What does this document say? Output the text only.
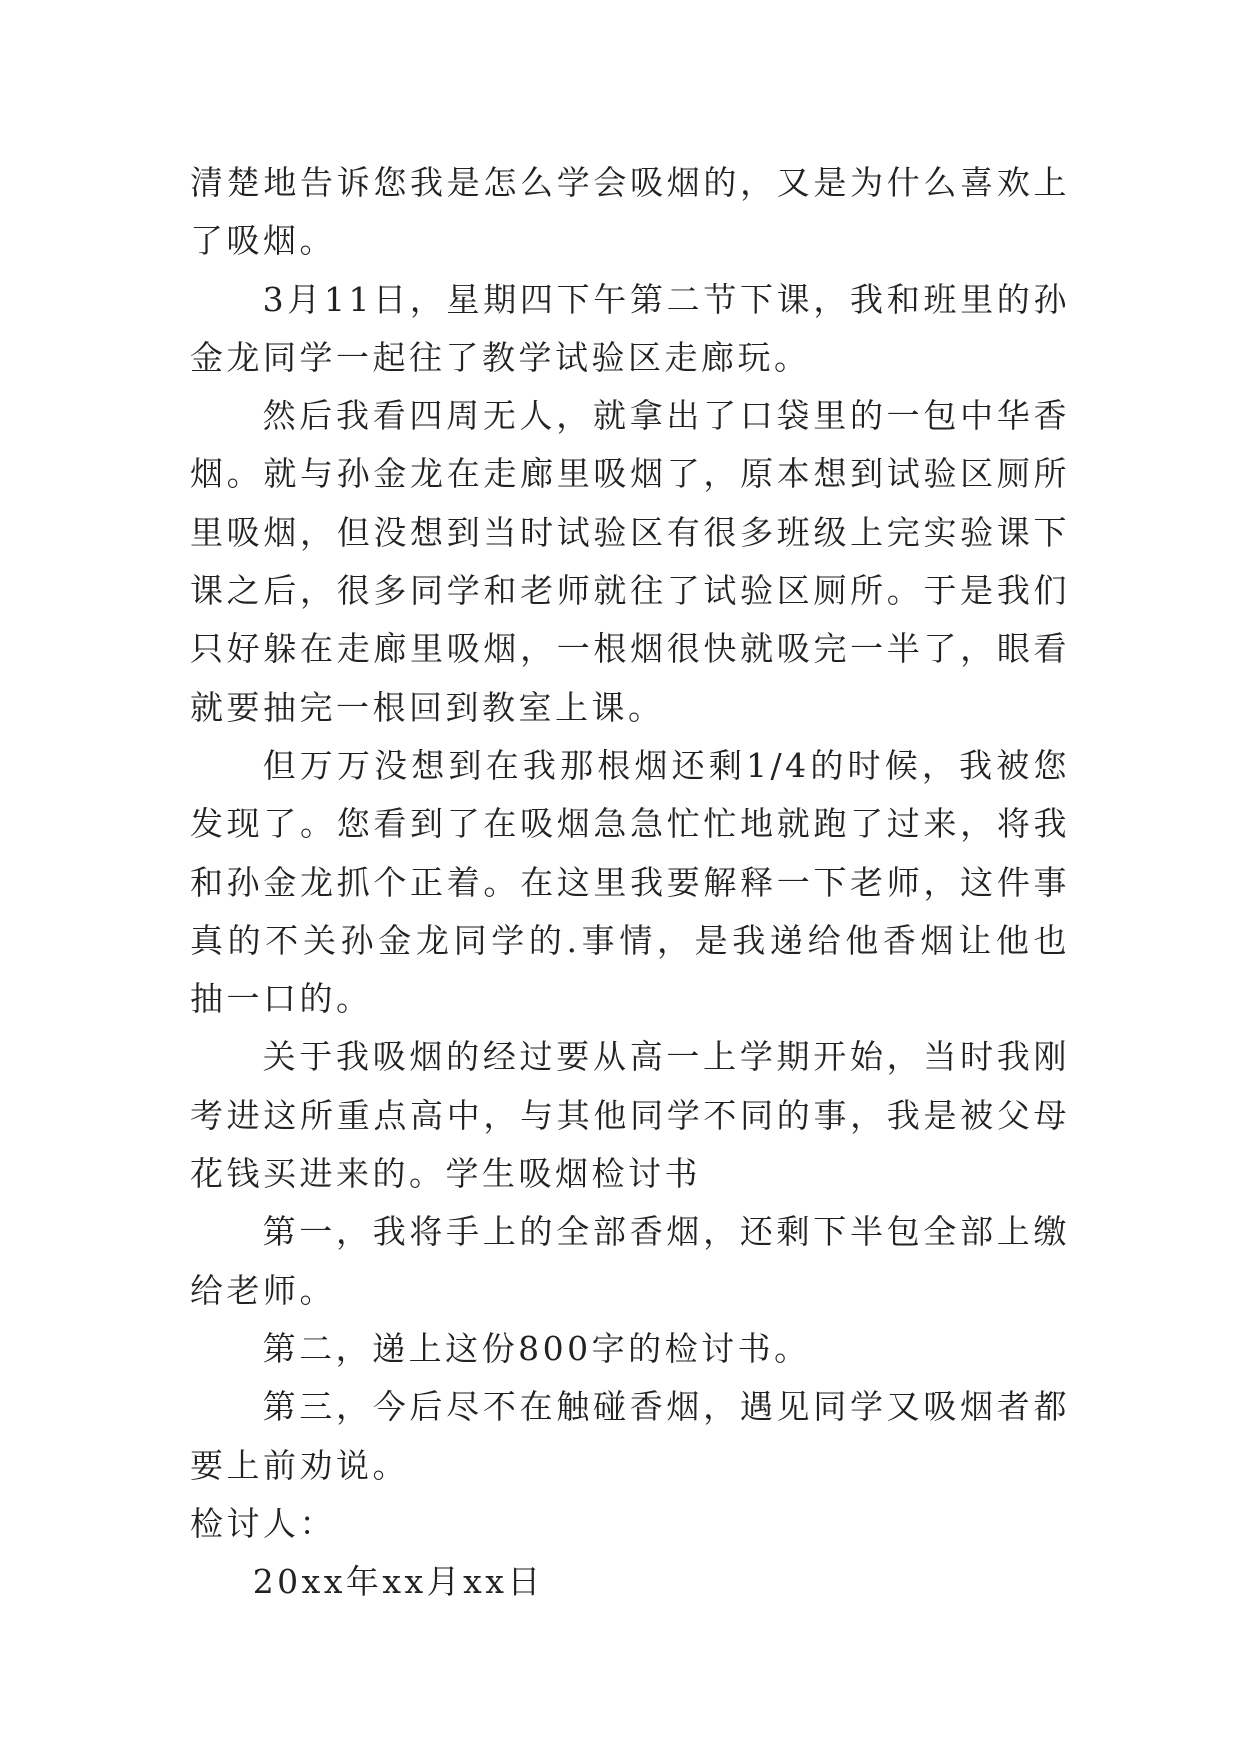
清楚地告诉您我是怎么学会吸烟的，又是为什么喜欢上了吸烟。

3月11日，星期四下午第二节下课，我和班里的孙金龙同学一起往了教学试验区走廊玩。

然后我看四周无人，就拿出了口袋里的一包中华香烟。就与孙金龙在走廊里吸烟了，原本想到试验区厕所里吸烟，但没想到当时试验区有很多班级上完实验课下课之后，很多同学和老师就往了试验区厕所。于是我们只好躲在走廊里吸烟，一根烟很快就吸完一半了，眼看就要抽完一根回到教室上课。

但万万没想到在我那根烟还剩1/4的时候，我被您发现了。您看到了在吸烟急急忙忙地就跑了过来，将我和孙金龙抓个正着。在这里我要解释一下老师，这件事真的不关孙金龙同学的.事情，是我递给他香烟让他也抽一口的。

关于我吸烟的经过要从高一上学期开始，当时我刚考进这所重点高中，与其他同学不同的事，我是被父母花钱买进来的。学生吸烟检讨书

第一，我将手上的全部香烟，还剩下半包全部上缴给老师。

第二，递上这份800字的检讨书。

第三，今后尽不在触碰香烟，遇见同学又吸烟者都要上前劝说。

检讨人：

20xx年xx月xx日
